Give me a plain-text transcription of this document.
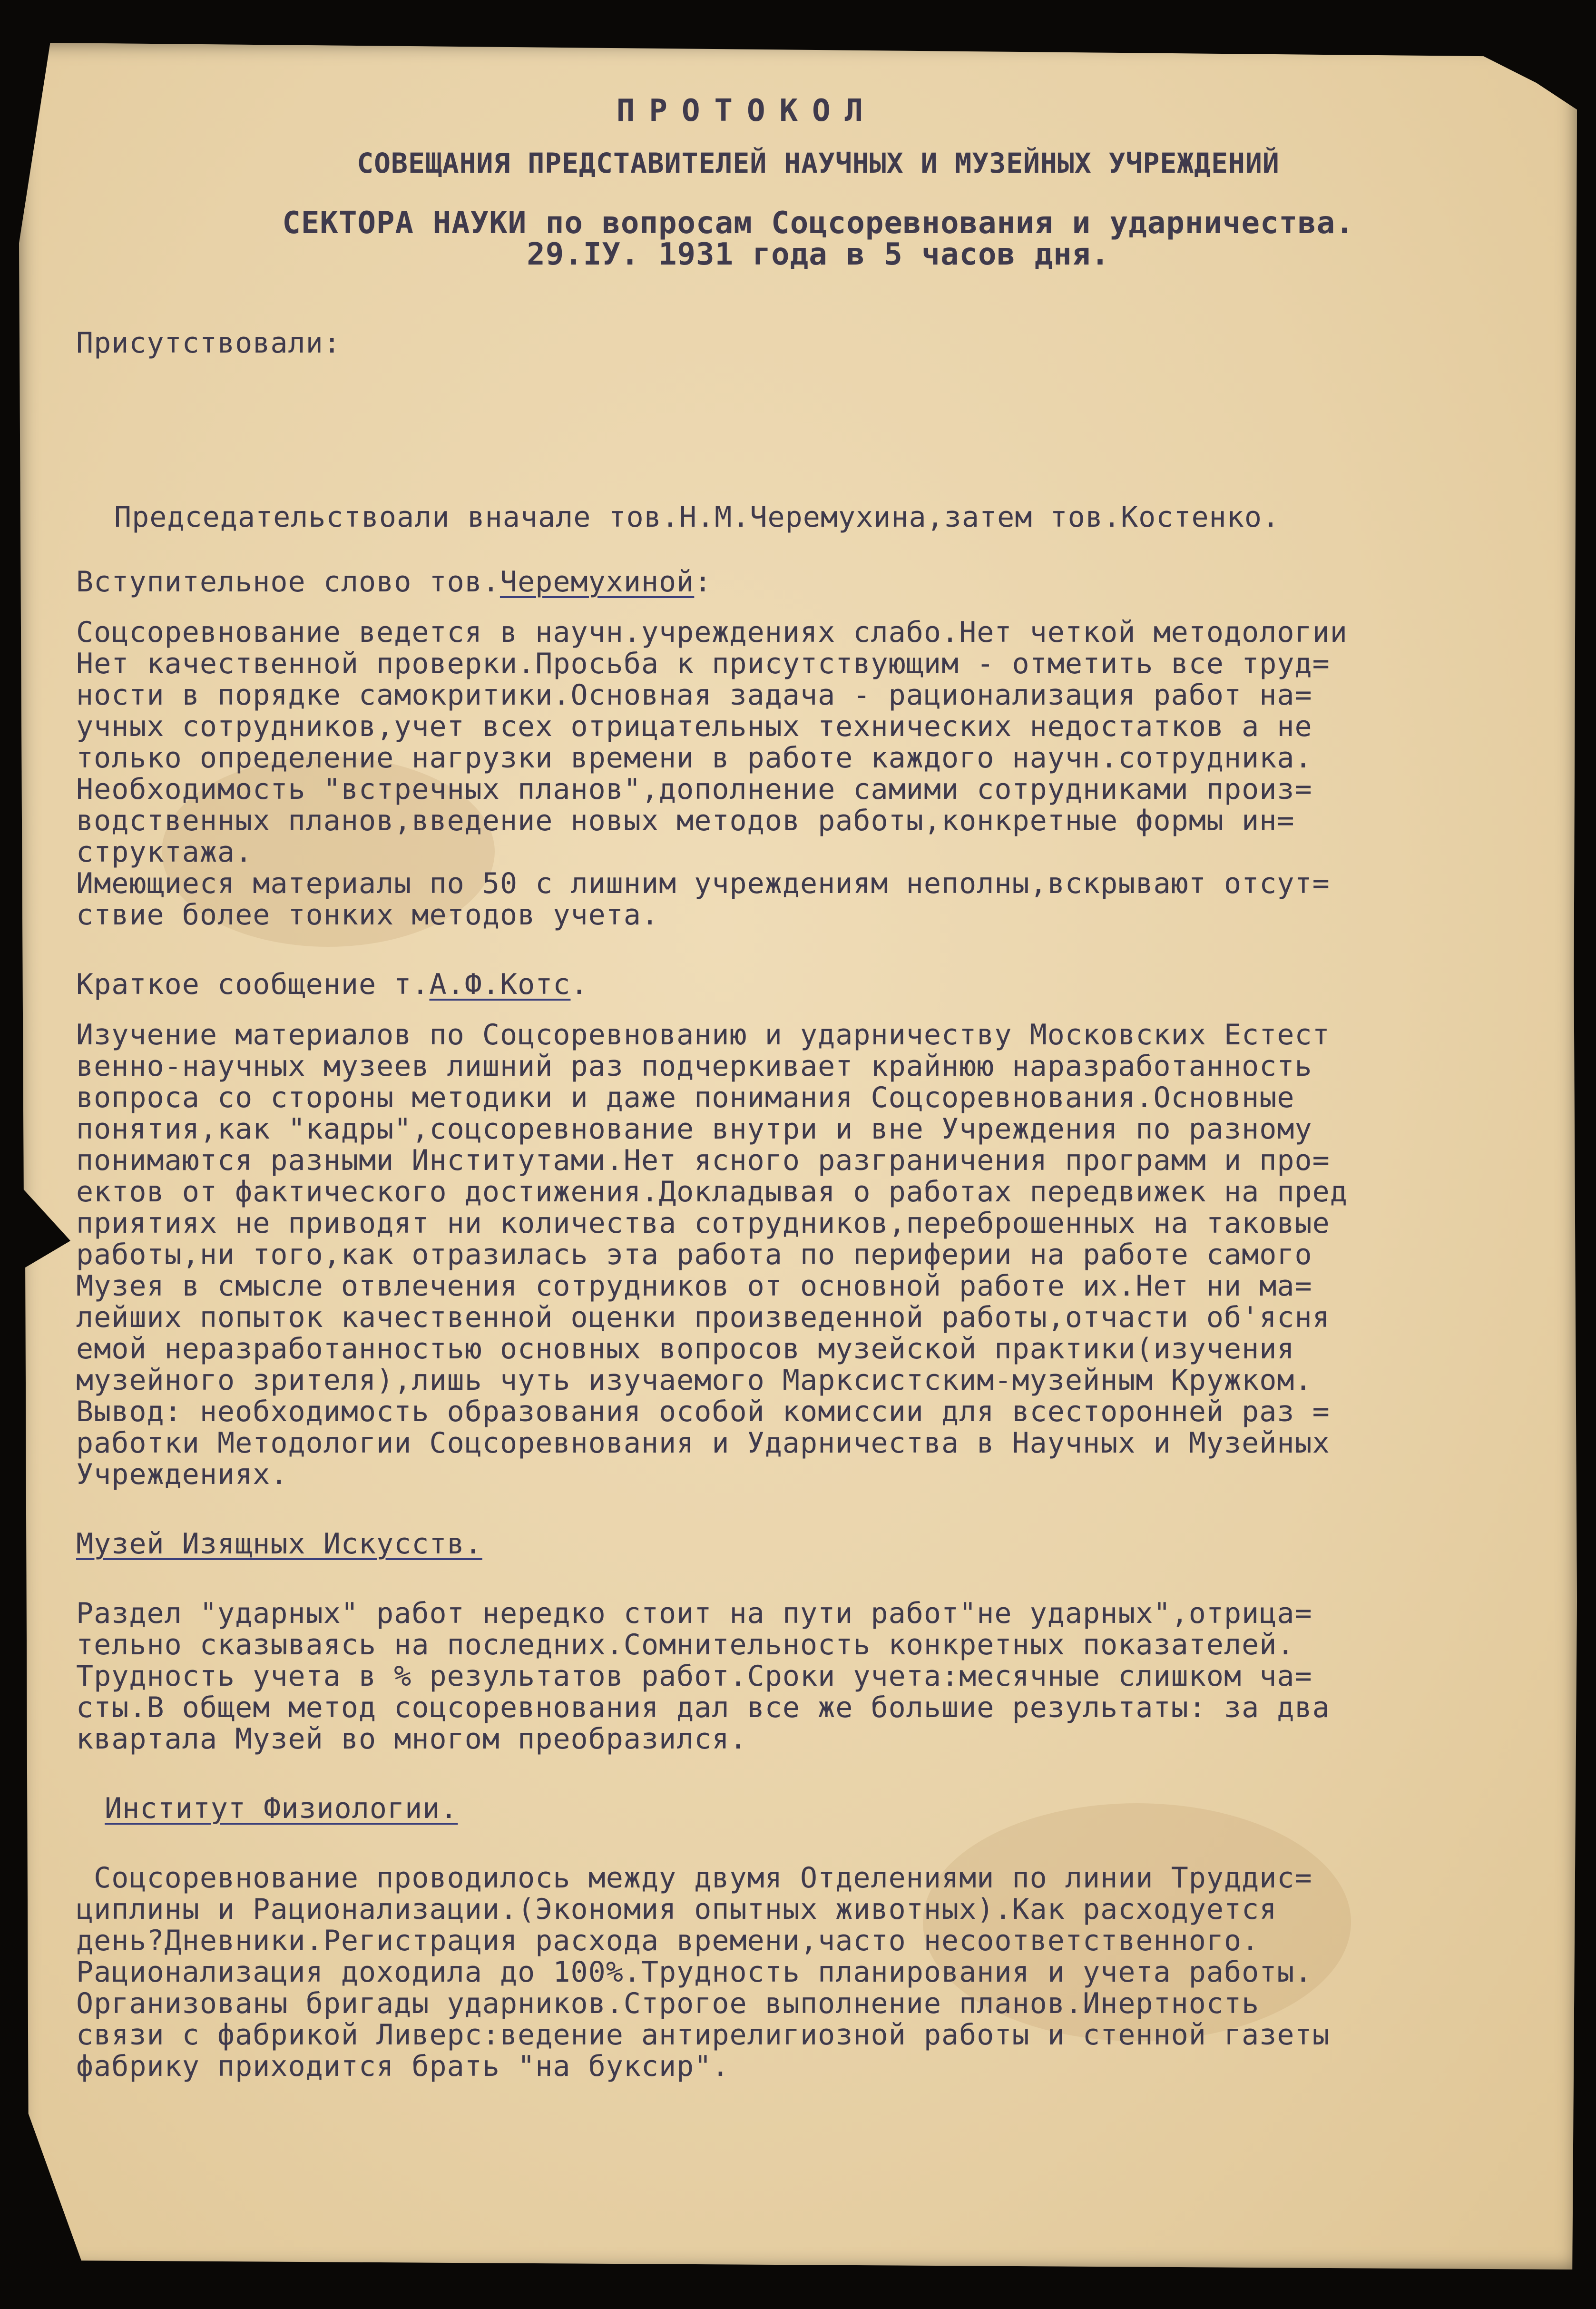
ПРОТОКОЛ

СОВЕЩАНИЯ ПРЕДСТАВИТЕЛЕЙ НАУЧНЫХ И МУЗЕЙНЫХ УЧРЕЖДЕНИЙ

СЕКТОРА НАУКИ по вопросам Соцсоревнования и ударничества.

29.IУ. 1931 года в 5 часов дня.

Присутствовали:

Председательствоали вначале тов.Н.М.Черемухина,затем тов.Костенко.

Вступительное слово тов.Черемухиной:

Соцсоревнование ведется в научн.учреждениях слабо.Нет четкой методологии

Нет качественной проверки.Просьба к присутствующим - отметить все труд=

ности в порядке самокритики.Основная задача - рационализация работ на=

учных сотрудников,учет всех отрицательных технических недостатков а не

только определение нагрузки времени в работе каждого научн.сотрудника.

Необходимость "встречных планов",дополнение самими сотрудниками произ=

водственных планов,введение новых методов работы,конкретные формы ин=

структажа.

Имеющиеся материалы по 50 с лишним учреждениям неполны,вскрывают отсут=

ствие более тонких методов учета.

Краткое сообщение т.А.Ф.Котс.

Изучение материалов по Соцсоревнованию и ударничеству Московских Естест

венно-научных музеев лишний раз подчеркивает крайнюю наразработанность

вопроса со стороны методики и даже понимания Соцсоревнования.Основные

понятия,как "кадры",соцсоревнование внутри и вне Учреждения по разному

понимаются разными Институтами.Нет ясного разграничения программ и про=

ектов от фактического достижения.Докладывая о работах передвижек на пред

приятиях не приводят ни количества сотрудников,переброшенных на таковые

работы,ни того,как отразилась эта работа по периферии на работе самого

Музея в смысле отвлечения сотрудников от основной работе их.Нет ни ма=

лейших попыток качественной оценки произведенной работы,отчасти об'ясня

емой неразработанностью основных вопросов музейской практики(изучения

музейного зрителя),лишь чуть изучаемого Марксистским-музейным Кружком.

Вывод: необходимость образования особой комиссии для всесторонней раз =

работки Методологии Соцсоревнования и Ударничества в Научных и Музейных

Учреждениях.

Музей Изящных Искусств.

Раздел "ударных" работ нередко стоит на пути работ"не ударных",отрица=

тельно сказываясь на последних.Сомнительность конкретных показателей.

Трудность учета в % результатов работ.Сроки учета:месячные слишком ча=

сты.В общем метод соцсоревнования дал все же большие результаты: за два

квартала Музей во многом преобразился.

Институт Физиологии.

Соцсоревнование проводилось между двумя Отделениями по линии Труддис=

циплины и Рационализации.(Экономия опытных животных).Как расходуется

день?Дневники.Регистрация расхода времени,часто несоответственного.

Рационализация доходила до 100%.Трудность планирования и учета работы.

Организованы бригады ударников.Строгое выполнение планов.Инертность

связи с фабрикой Ливерс:ведение антирелигиозной работы и стенной газеты

фабрику приходится брать "на буксир".
